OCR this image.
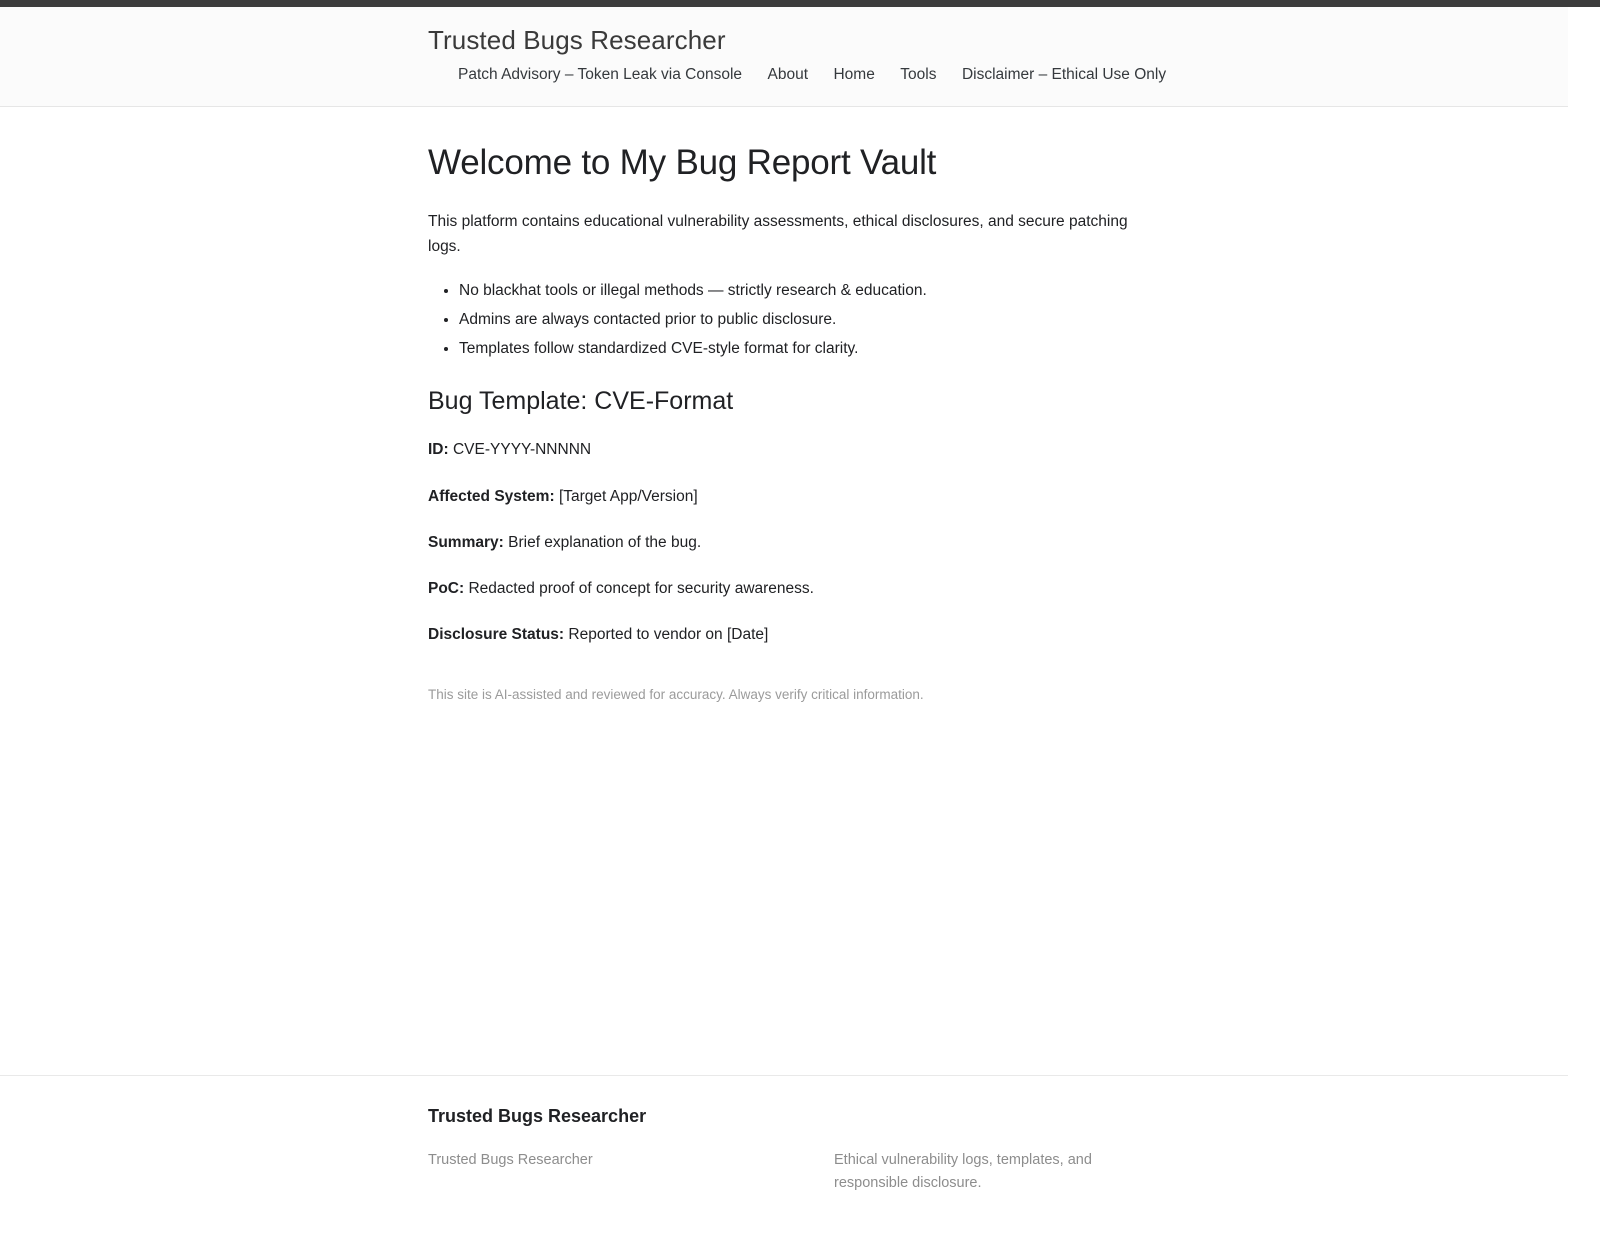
Trusted Bugs Researcher
Patch Advisory – Token Leak via Console About Home Tools Disclaimer – Ethical Use Only
Welcome to My Bug Report Vault

This platform contains educational vulnerability assessments, ethical disclosures, and secure patching logs.

• No blackhat tools or illegal methods — strictly research & education.
• Admins are always contacted prior to public disclosure.
• Templates follow standardized CVE-style format for clarity.
Bug Template: CVE-Format

ID: CVE-YYYY-NNNNN

Affected System: [Target App/Version]

Summary: Brief explanation of the bug.

PoC: Redacted proof of concept for security awareness.

Disclosure Status: Reported to vendor on [Date]

This site is AI-assisted and reviewed for accuracy. Always verify critical information.

Trusted Bugs Researcher
Trusted Bugs Researcher	Ethical vulnerability logs, templates, and responsible disclosure.
